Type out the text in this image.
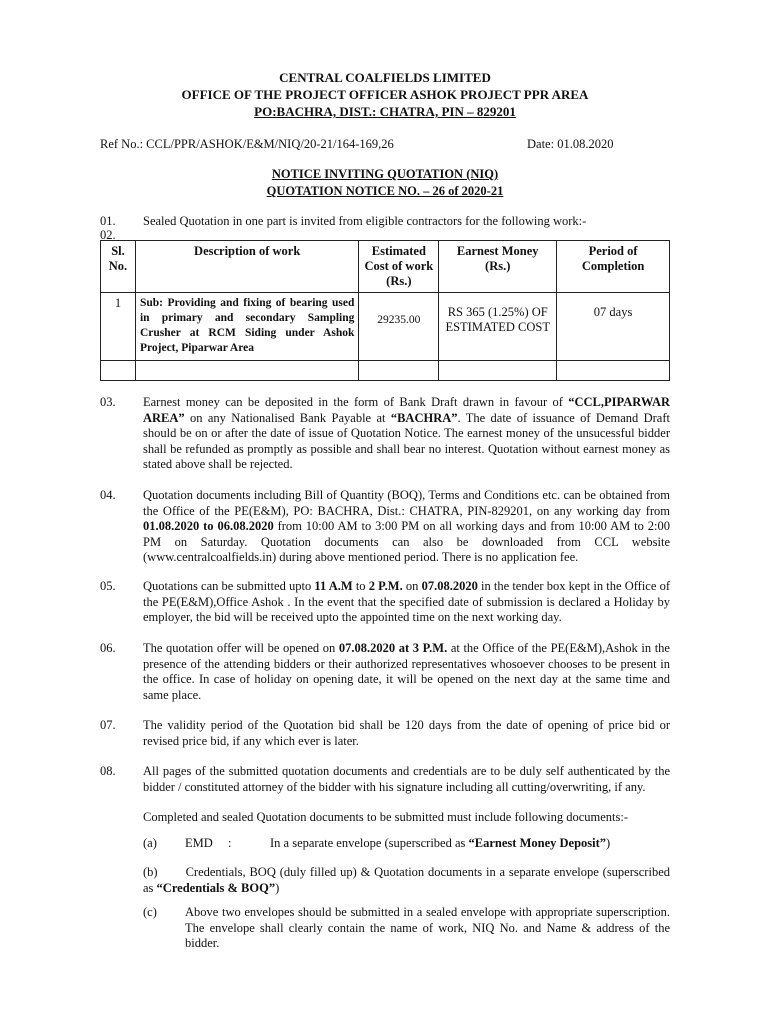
CENTRAL COALFIELDS LIMITED
OFFICE OF THE PROJECT OFFICER ASHOK PROJECT PPR AREA
PO:BACHRA, DIST.: CHATRA, PIN – 829201
Ref No.: CCL/PPR/ASHOK/E&M/NIQ/20-21/164-169,26	Date: 01.08.2020
NOTICE INVITING QUOTATION (NIQ)
QUOTATION NOTICE NO. – 26 of 2020-21
01. Sealed Quotation in one part is invited from eligible contractors for the following work:-
02.
Sl. No.	Description of work	Estimated Cost of work (Rs.)	Earnest Money (Rs.)	Period of Completion
1	Sub: Providing and fixing of bearing used in primary and secondary Sampling Crusher at RCM Siding under Ashok Project, Piparwar Area	29235.00	RS 365 (1.25%) OF ESTIMATED COST	07 days

03. Earnest money can be deposited in the form of Bank Draft drawn in favour of “CCL,PIPARWAR AREA” on any Nationalised Bank Payable at “BACHRA”. The date of issuance of Demand Draft should be on or after the date of issue of Quotation Notice. The earnest money of the unsucessful bidder shall be refunded as promptly as possible and shall bear no interest. Quotation without earnest money as stated above shall be rejected.
04. Quotation documents including Bill of Quantity (BOQ), Terms and Conditions etc. can be obtained from the Office of the PE(E&M), PO: BACHRA, Dist.: CHATRA, PIN-829201, on any working day from 01.08.2020 to 06.08.2020 from 10:00 AM to 3:00 PM on all working days and from 10:00 AM to 2:00 PM on Saturday. Quotation documents can also be downloaded from CCL website (www.centralcoalfields.in) during above mentioned period. There is no application fee.
05. Quotations can be submitted upto 11 A.M to 2 P.M. on 07.08.2020 in the tender box kept in the Office of the PE(E&M),Office Ashok . In the event that the specified date of submission is declared a Holiday by employer, the bid will be received upto the appointed time on the next working day.
06. The quotation offer will be opened on 07.08.2020 at 3 P.M. at the Office of the PE(E&M),Ashok in the presence of the attending bidders or their authorized representatives whosoever chooses to be present in the office. In case of holiday on opening date, it will be opened on the next day at the same time and same place.
07. The validity period of the Quotation bid shall be 120 days from the date of opening of price bid or revised price bid, if any which ever is later.
08. All pages of the submitted quotation documents and credentials are to be duly self authenticated by the bidder / constituted attorney of the bidder with his signature including all cutting/overwriting, if any.
Completed and sealed Quotation documents to be submitted must include following documents:-
(a) EMD :	In a separate envelope (superscribed as “Earnest Money Deposit”)
(b) Credentials, BOQ (duly filled up) & Quotation documents in a separate envelope (superscribed as “Credentials & BOQ”)
(c) Above two envelopes should be submitted in a sealed envelope with appropriate superscription. The envelope shall clearly contain the name of work, NIQ No. and Name & address of the bidder.
